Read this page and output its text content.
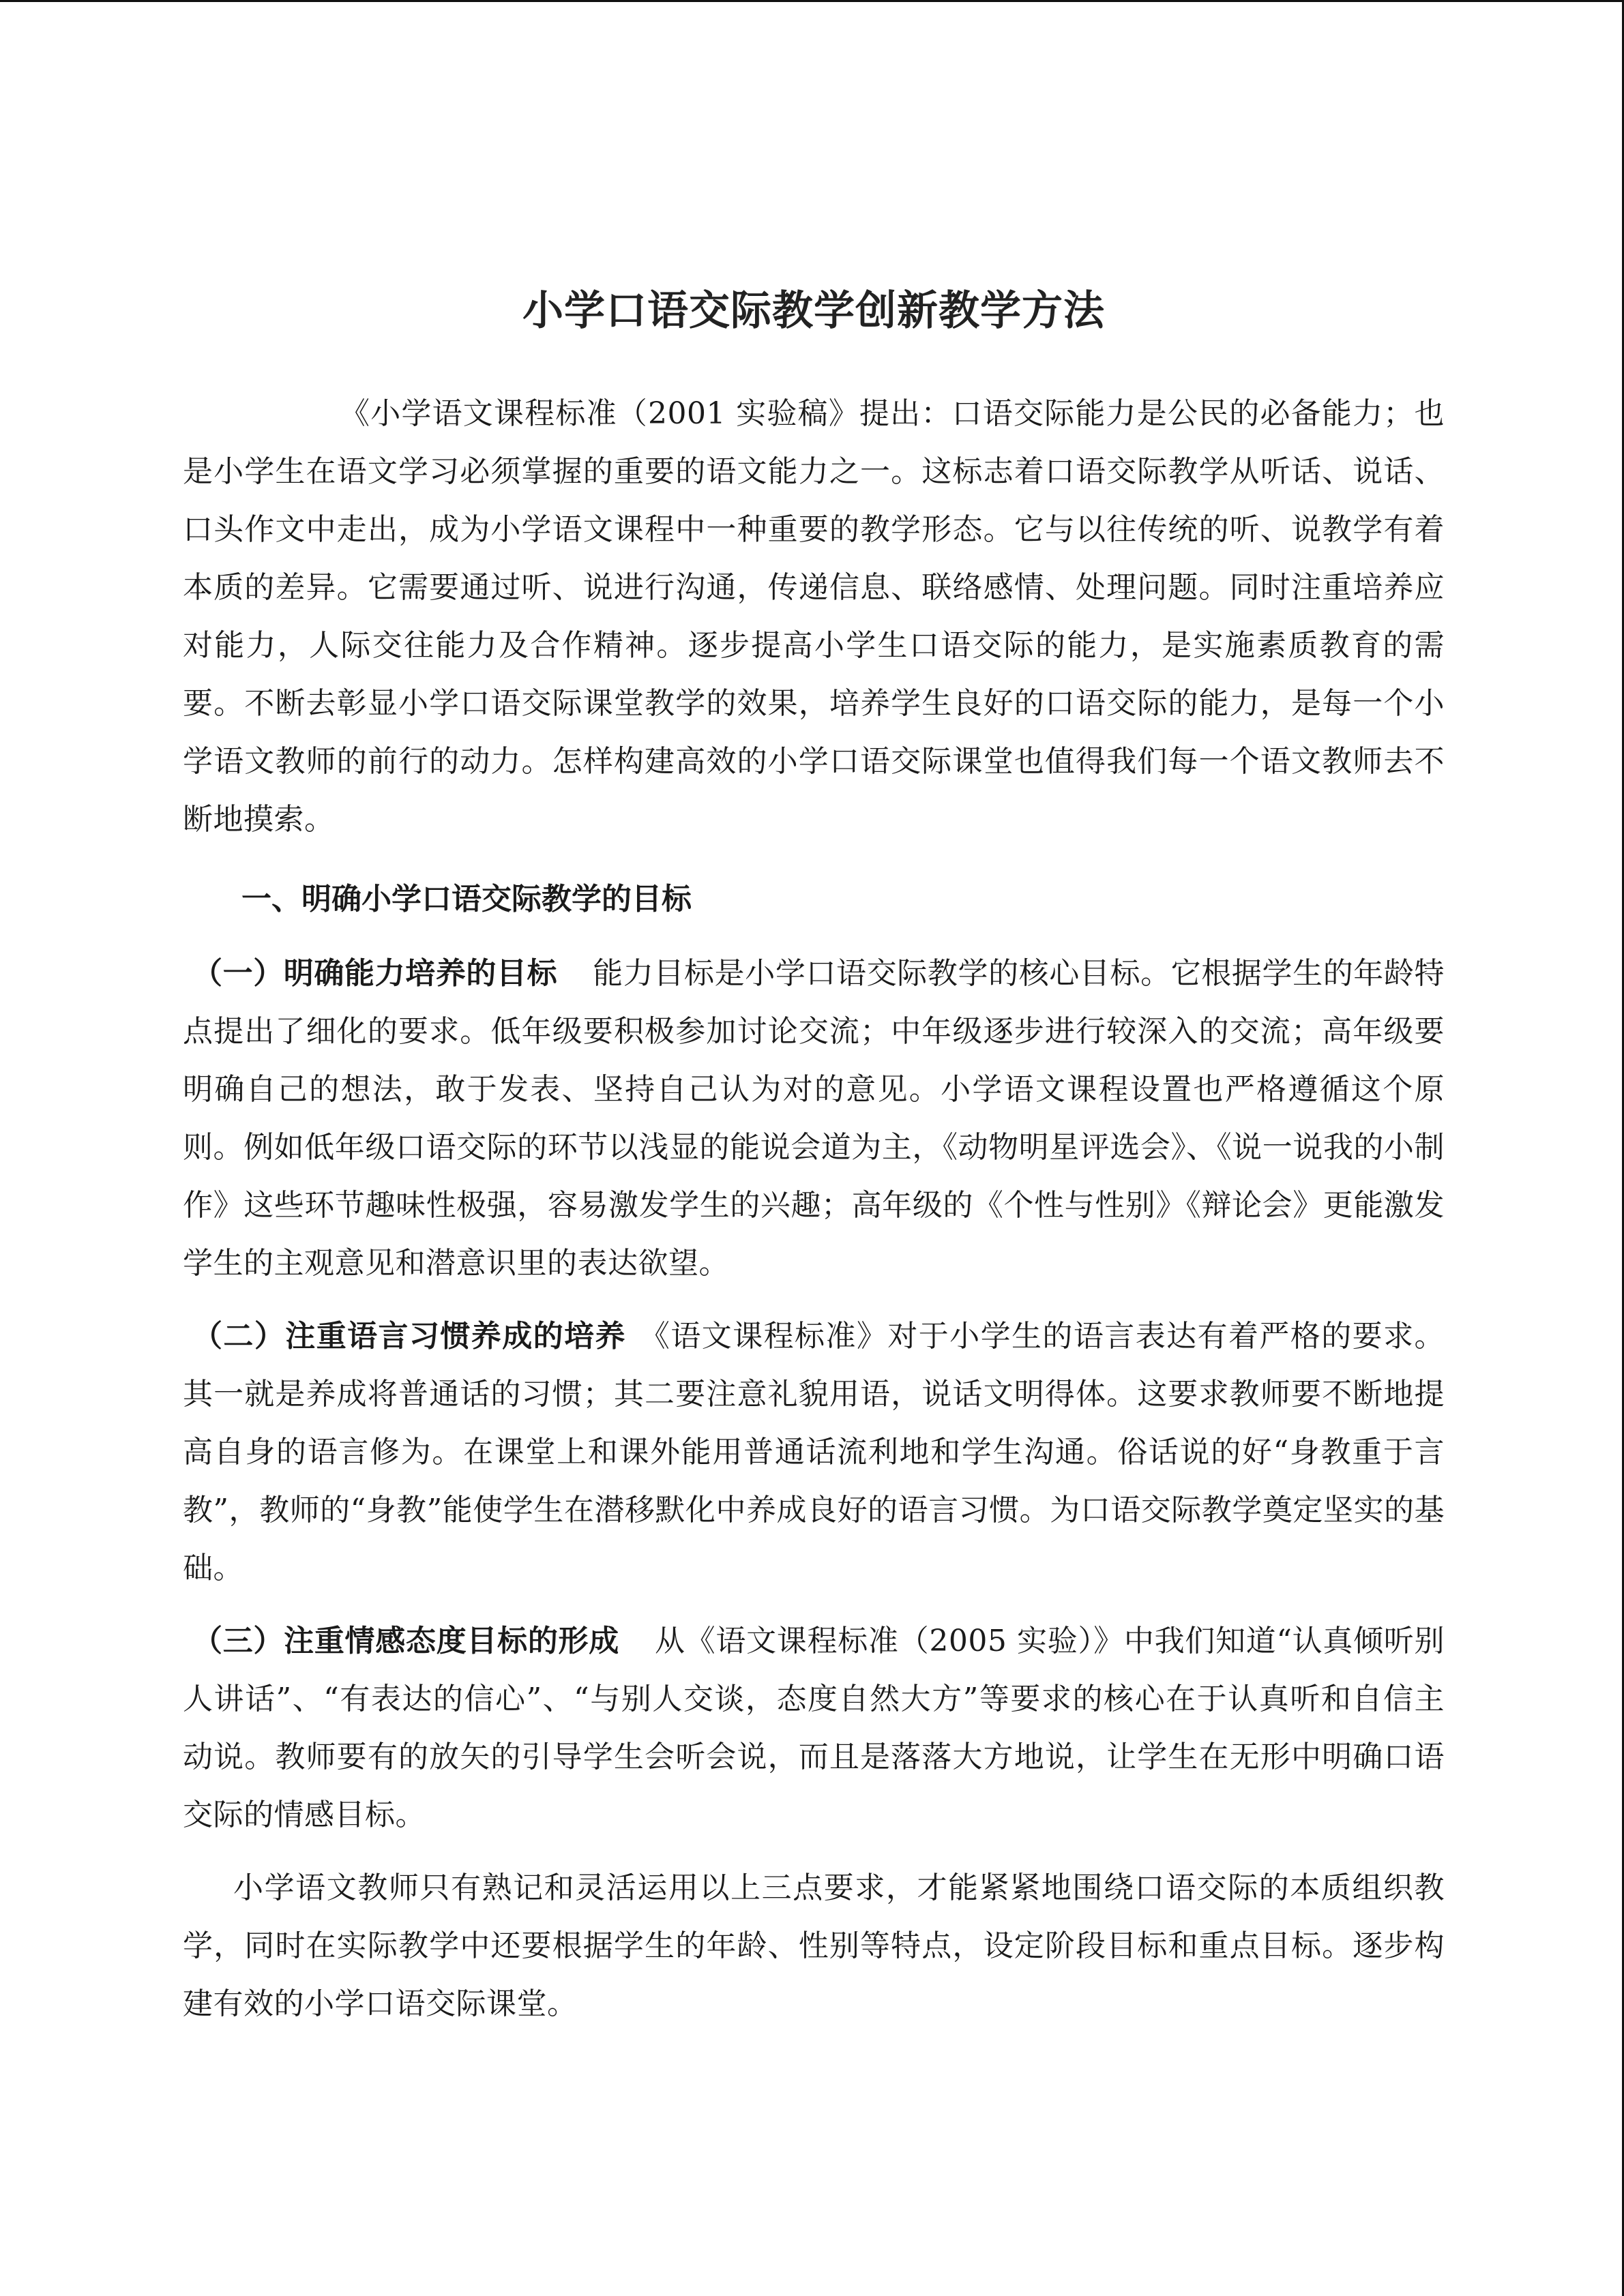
小学口语交际教学创新教学方法

《小学语文课程标准（2001 实验稿》提出：口语交际能力是公民的必备能力；也是小学生在语文学习必须掌握的重要的语文能力之一。这标志着口语交际教学从听话、说话、口头作文中走出，成为小学语文课程中一种重要的教学形态。它与以往传统的听、说教学有着本质的差异。它需要通过听、说进行沟通，传递信息、联络感情、处理问题。同时注重培养应对能力，人际交往能力及合作精神。逐步提高小学生口语交际的能力，是实施素质教育的需要。不断去彰显小学口语交际课堂教学的效果，培养学生良好的口语交际的能力，是每一个小学语文教师的前行的动力。怎样构建高效的小学口语交际课堂也值得我们每一个语文教师去不断地摸索。

一、明确小学口语交际教学的目标

（一）明确能力培养的目标 能力目标是小学口语交际教学的核心目标。它根据学生的年龄特点提出了细化的要求。低年级要积极参加讨论交流；中年级逐步进行较深入的交流；高年级要明确自己的想法，敢于发表、坚持自己认为对的意见。小学语文课程设置也严格遵循这个原则。例如低年级口语交际的环节以浅显的能说会道为主，《动物明星评选会》、《说一说我的小制作》这些环节趣味性极强，容易激发学生的兴趣；高年级的《个性与性别》《辩论会》更能激发学生的主观意见和潜意识里的表达欲望。

（二）注重语言习惯养成的培养 《语文课程标准》对于小学生的语言表达有着严格的要求。其一就是养成将普通话的习惯；其二要注意礼貌用语，说话文明得体。这要求教师要不断地提高自身的语言修为。在课堂上和课外能用普通话流利地和学生沟通。俗话说的好“身教重于言教”，教师的“身教”能使学生在潜移默化中养成良好的语言习惯。为口语交际教学奠定坚实的基础。

（三）注重情感态度目标的形成 从《语文课程标准（2005 实验）》中我们知道“认真倾听别人讲话”、“有表达的信心”、“与别人交谈，态度自然大方”等要求的核心在于认真听和自信主动说。教师要有的放矢的引导学生会听会说，而且是落落大方地说，让学生在无形中明确口语交际的情感目标。

小学语文教师只有熟记和灵活运用以上三点要求，才能紧紧地围绕口语交际的本质组织教学，同时在实际教学中还要根据学生的年龄、性别等特点，设定阶段目标和重点目标。逐步构建有效的小学口语交际课堂。
